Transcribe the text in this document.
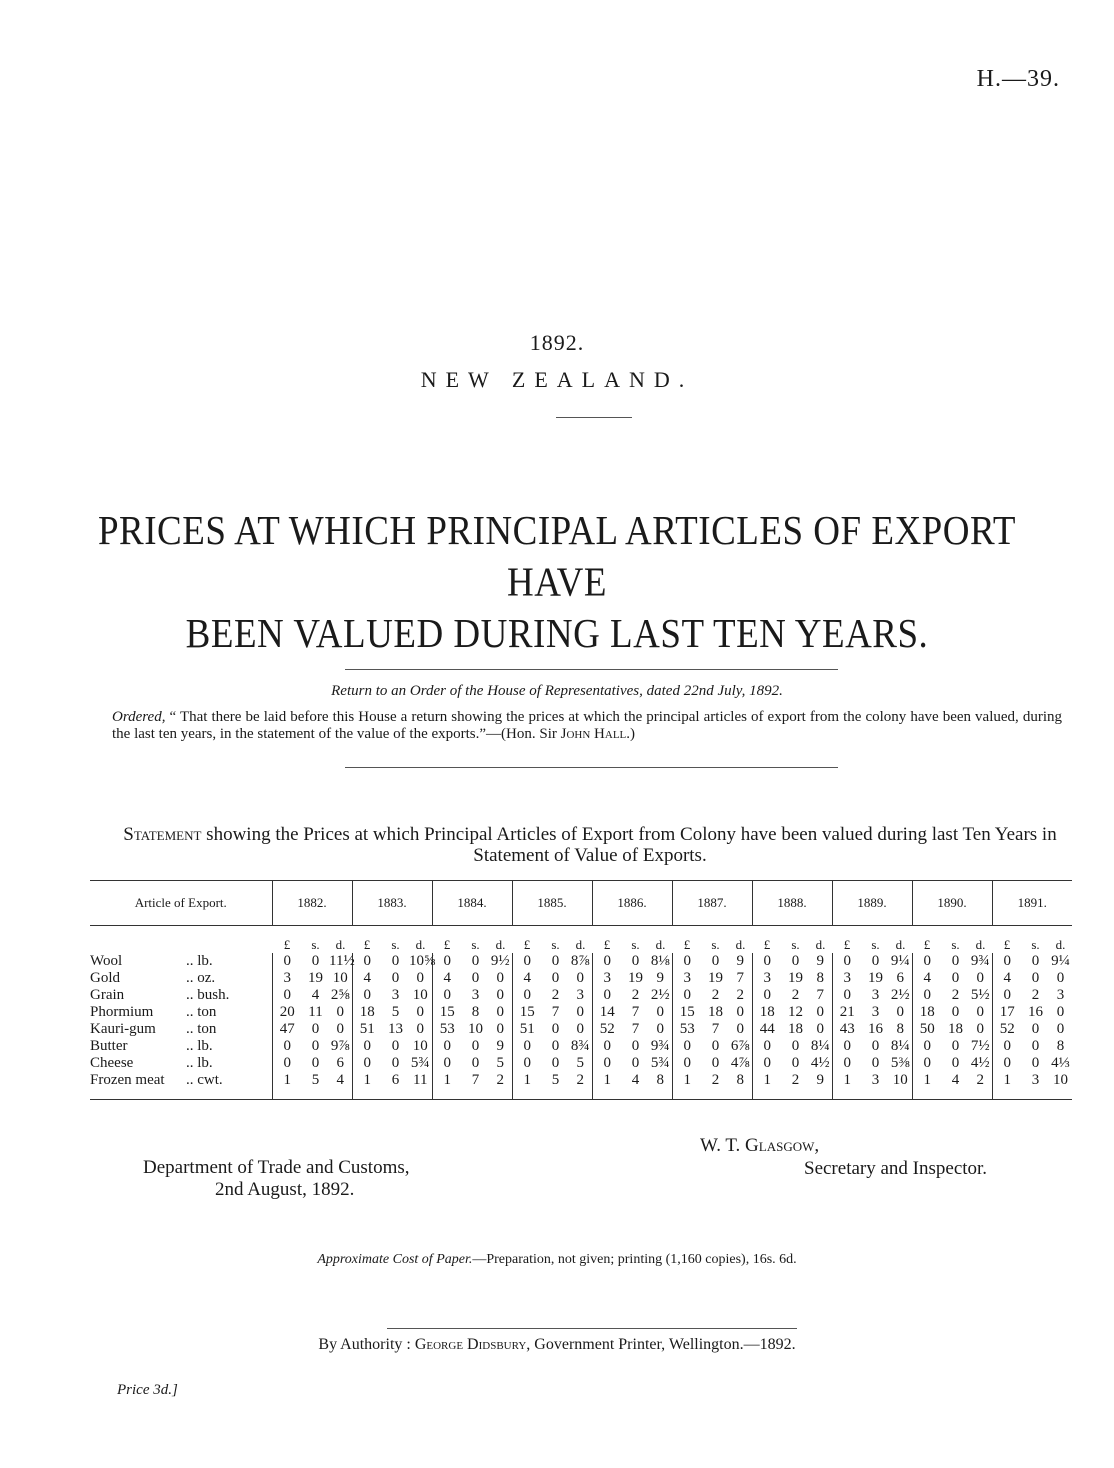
H.—39.
1892.
NEW ZEALAND.
PRICES AT WHICH PRINCIPAL ARTICLES OF EXPORT HAVE
BEEN VALUED DURING LAST TEN YEARS.
Return to an Order of the House of Representatives, dated 22nd July, 1892.
Ordered, “ That there be laid before this House a return showing the prices at which the principal articles of export from the colony have been valued, during the last ten years, in the statement of the value of the exports.”—(Hon. Sir John Hall.)
Statement showing the Prices at which Principal Articles of Export from Colony have been valued during last Ten Years in Statement of Value of Exports.
Article of Export.	1882.			1883.			1884.			1885.			1886.			1887.			1888.			1889.			1890.			1891.		
	£	s.	d.	£	s.	d.	£	s.	d.	£	s.	d.	£	s.	d.	£	s.	d.	£	s.	d.	£	s.	d.	£	s.	d.	£	s.	d.
Wool .. lb.	0	0	11½	0	0	10⅝	0	0	9½	0	0	8⅞	0	0	8⅛	0	0	9	0	0	9	0	0	9¼	0	0	9¾	0	0	9¼
Gold .. oz.	3	19	10	4	0	0	4	0	0	4	0	0	3	19	9	3	19	7	3	19	8	3	19	6	4	0	0	4	0	0
Grain .. bush.	0	4	2⅝	0	3	10	0	3	0	0	2	3	0	2	2½	0	2	2	0	2	7	0	3	2½	0	2	5½	0	2	3
Phormium .. ton	20	11	0	18	5	0	15	8	0	15	7	0	14	7	0	15	18	0	18	12	0	21	3	0	18	0	0	17	16	0
Kauri-gum .. ton	47	0	0	51	13	0	53	10	0	51	0	0	52	7	0	53	7	0	44	18	0	43	16	8	50	18	0	52	0	0
Butter .. lb.	0	0	9⅞	0	0	10	0	0	9	0	0	8¾	0	0	9¾	0	0	6⅞	0	0	8¼	0	0	8¼	0	0	7½	0	0	8
Cheese .. lb.	0	0	6	0	0	5¾	0	0	5	0	0	5	0	0	5¾	0	0	4⅞	0	0	4½	0	0	5⅜	0	0	4½	0	0	4⅓
Frozen meat .. cwt.	1	5	4	1	6	11	1	7	2	1	5	2	1	4	8	1	2	8	1	2	9	1	3	10	1	4	2	1	3	10
W. T. Glasgow,
Secretary and Inspector.
Department of Trade and Customs,
2nd August, 1892.
Approximate Cost of Paper.—Preparation, not given; printing (1,160 copies), 16s. 6d.
By Authority : George Didsbury, Government Printer, Wellington.—1892.
Price 3d.]
